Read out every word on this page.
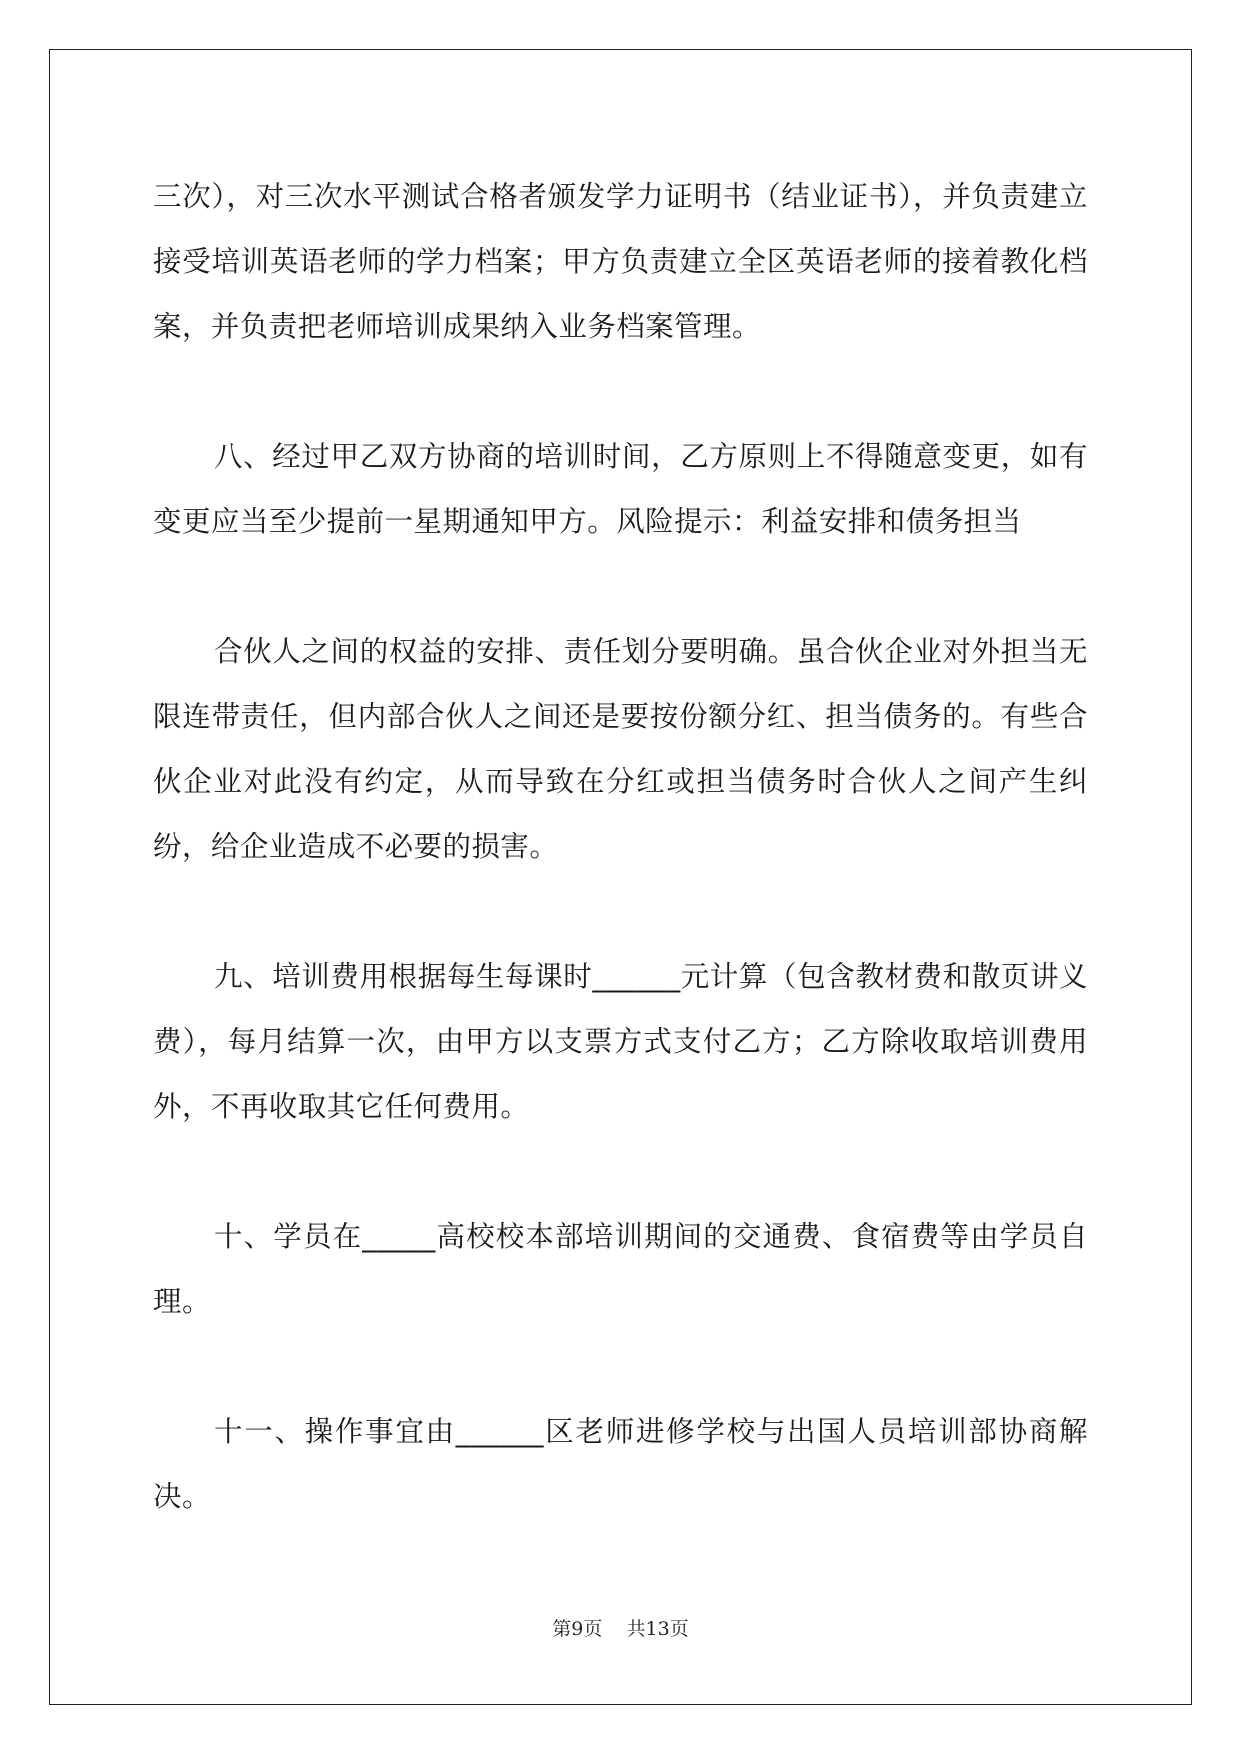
三次），对三次水平测试合格者颁发学力证明书（结业证书），并负责建立接受培训英语老师的学力档案；甲方负责建立全区英语老师的接着教化档案，并负责把老师培训成果纳入业务档案管理。

八、经过甲乙双方协商的培训时间，乙方原则上不得随意变更，如有变更应当至少提前一星期通知甲方。风险提示：利益安排和债务担当

合伙人之间的权益的安排、责任划分要明确。虽合伙企业对外担当无限连带责任，但内部合伙人之间还是要按份额分红、担当债务的。有些合伙企业对此没有约定，从而导致在分红或担当债务时合伙人之间产生纠纷，给企业造成不必要的损害。

九、培训费用根据每生每课时______元计算（包含教材费和散页讲义费），每月结算一次，由甲方以支票方式支付乙方；乙方除收取培训费用外，不再收取其它任何费用。

十、学员在_____高校校本部培训期间的交通费、食宿费等由学员自理。

十一、操作事宜由______区老师进修学校与出国人员培训部协商解决。

第9页    共13页
